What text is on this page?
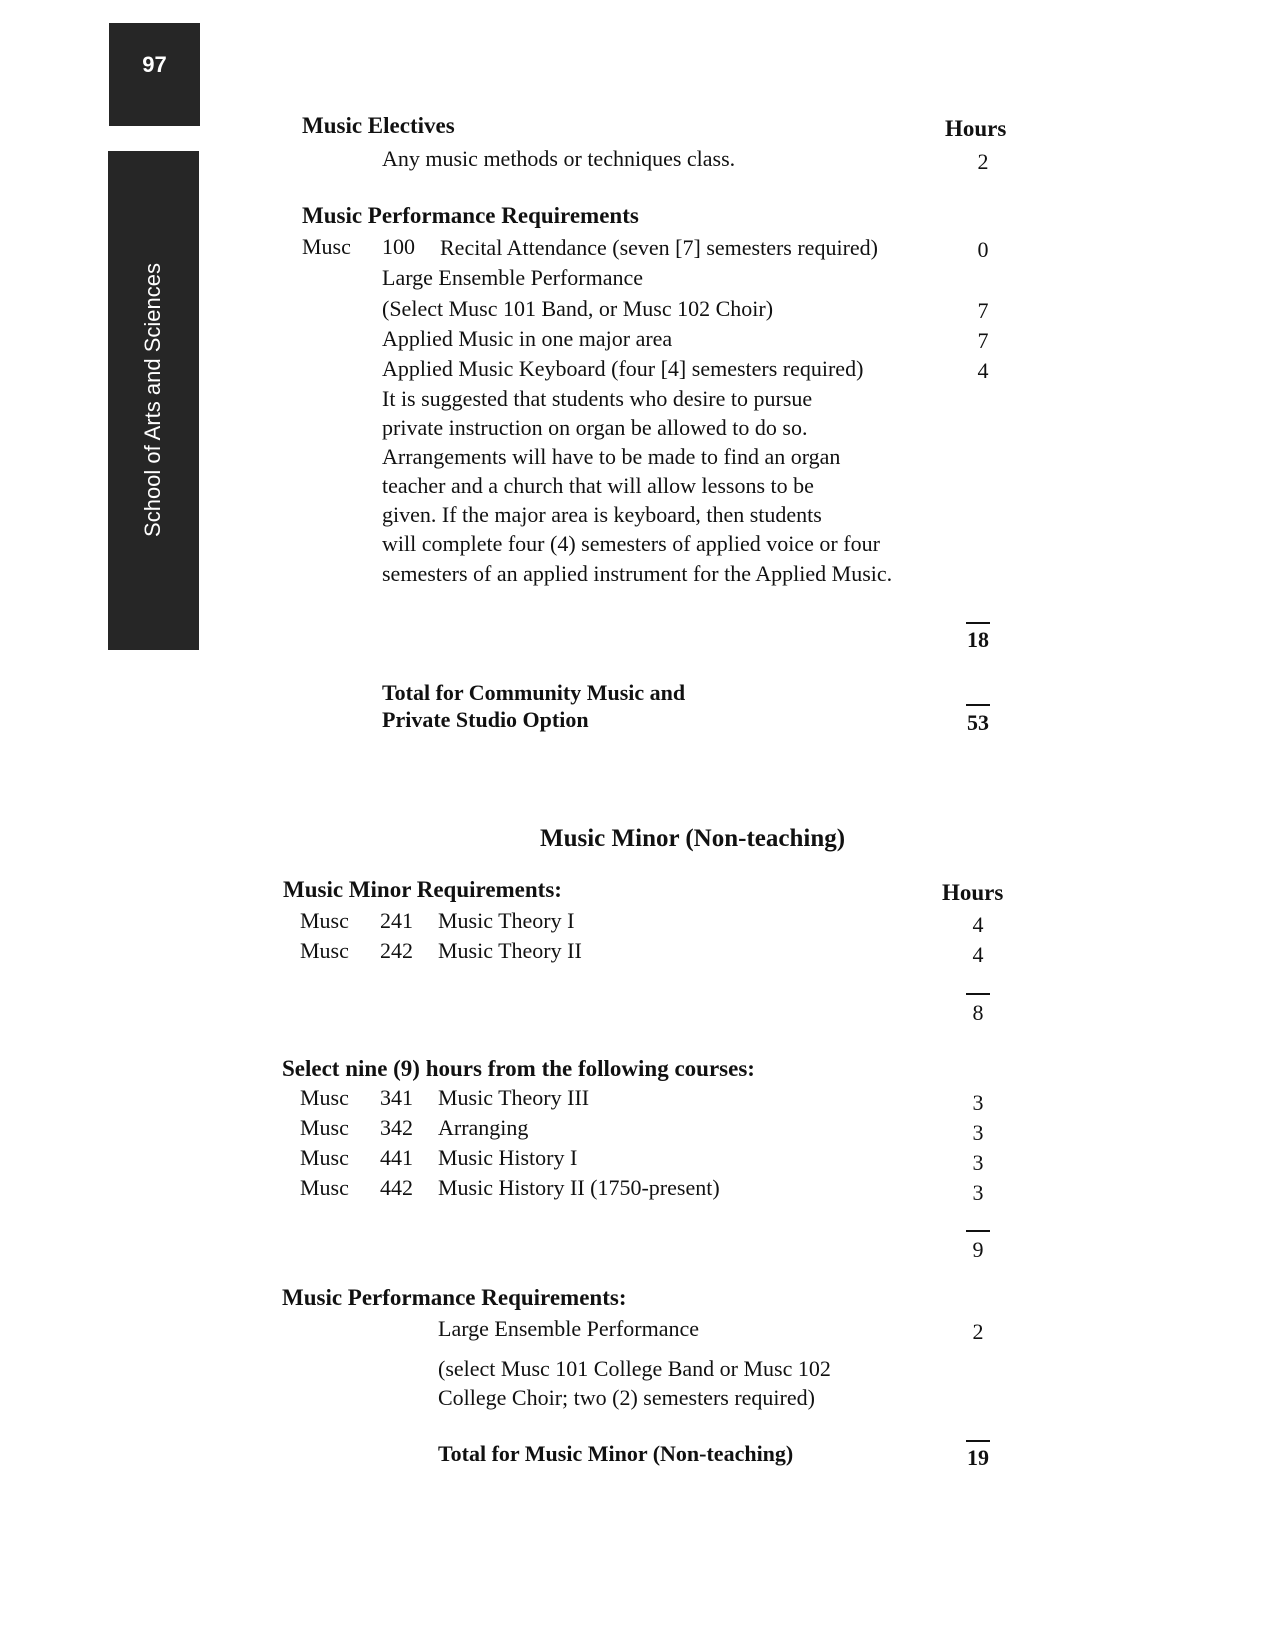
97
School of Arts and Sciences
Music Electives	Hours
Any music methods or techniques class.	2
Music Performance Requirements
Musc 100 Recital Attendance (seven [7] semesters required)	0
Large Ensemble Performance
(Select Musc 101 Band, or Musc 102 Choir)	7
Applied Music in one major area	7
Applied Music Keyboard (four [4] semesters required)	4
It is suggested that students who desire to pursue
private instruction on organ be allowed to do so.
Arrangements will have to be made to find an organ
teacher and a church that will allow lessons to be
given. If the major area is keyboard, then students
will complete four (4) semesters of applied voice or four
semesters of an applied instrument for the Applied Music.
18
Total for Community Music and
Private Studio Option	53
Music Minor (Non-teaching)
Music Minor Requirements:	Hours
Musc 241 Music Theory I	4
Musc 242 Music Theory II	4
8
Select nine (9) hours from the following courses:
Musc 341 Music Theory III	3
Musc 342 Arranging	3
Musc 441 Music History I	3
Musc 442 Music History II (1750-present)	3
9
Music Performance Requirements:
Large Ensemble Performance	2
(select Musc 101 College Band or Musc 102
College Choir; two (2) semesters required)
Total for Music Minor (Non-teaching)	19
